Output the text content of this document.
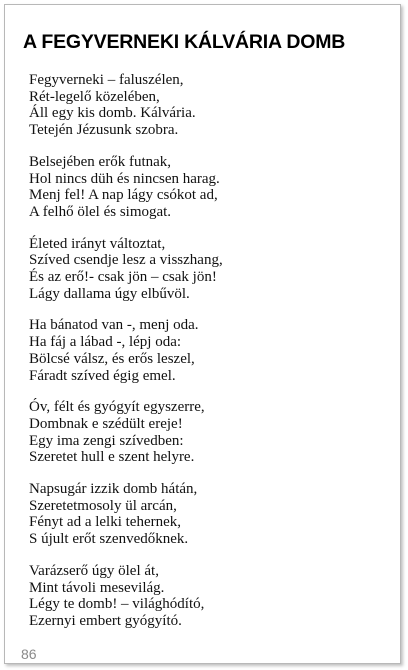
A FEGYVERNEKI KÁLVÁRIA DOMB
Fegyverneki – faluszélen,
Rét-legelő közelében,
Áll egy kis domb. Kálvária.
Tetején Jézusunk szobra.
Belsejében erők futnak,
Hol nincs düh és nincsen harag.
Menj fel! A nap lágy csókot ad,
A felhő ölel és simogat.
Életed irányt változtat,
Szíved csendje lesz a visszhang,
És az erő!- csak jön – csak jön!
Lágy dallama úgy elbűvöl.
Ha bánatod van -, menj oda.
Ha fáj a lábad -, lépj oda:
Bölcsé válsz, és erős leszel,
Fáradt szíved égig emel.
Óv, félt és gyógyít egyszerre,
Dombnak e szédült ereje!
Egy ima zengi szívedben:
Szeretet hull e szent helyre.
Napsugár izzik domb hátán,
Szeretetmosoly ül arcán,
Fényt ad a lelki tehernek,
S újult erőt szenvedőknek.
Varázserő úgy ölel át,
Mint távoli mesevilág.
Légy te domb! – világhódító,
Ezernyi embert gyógyító.
86
